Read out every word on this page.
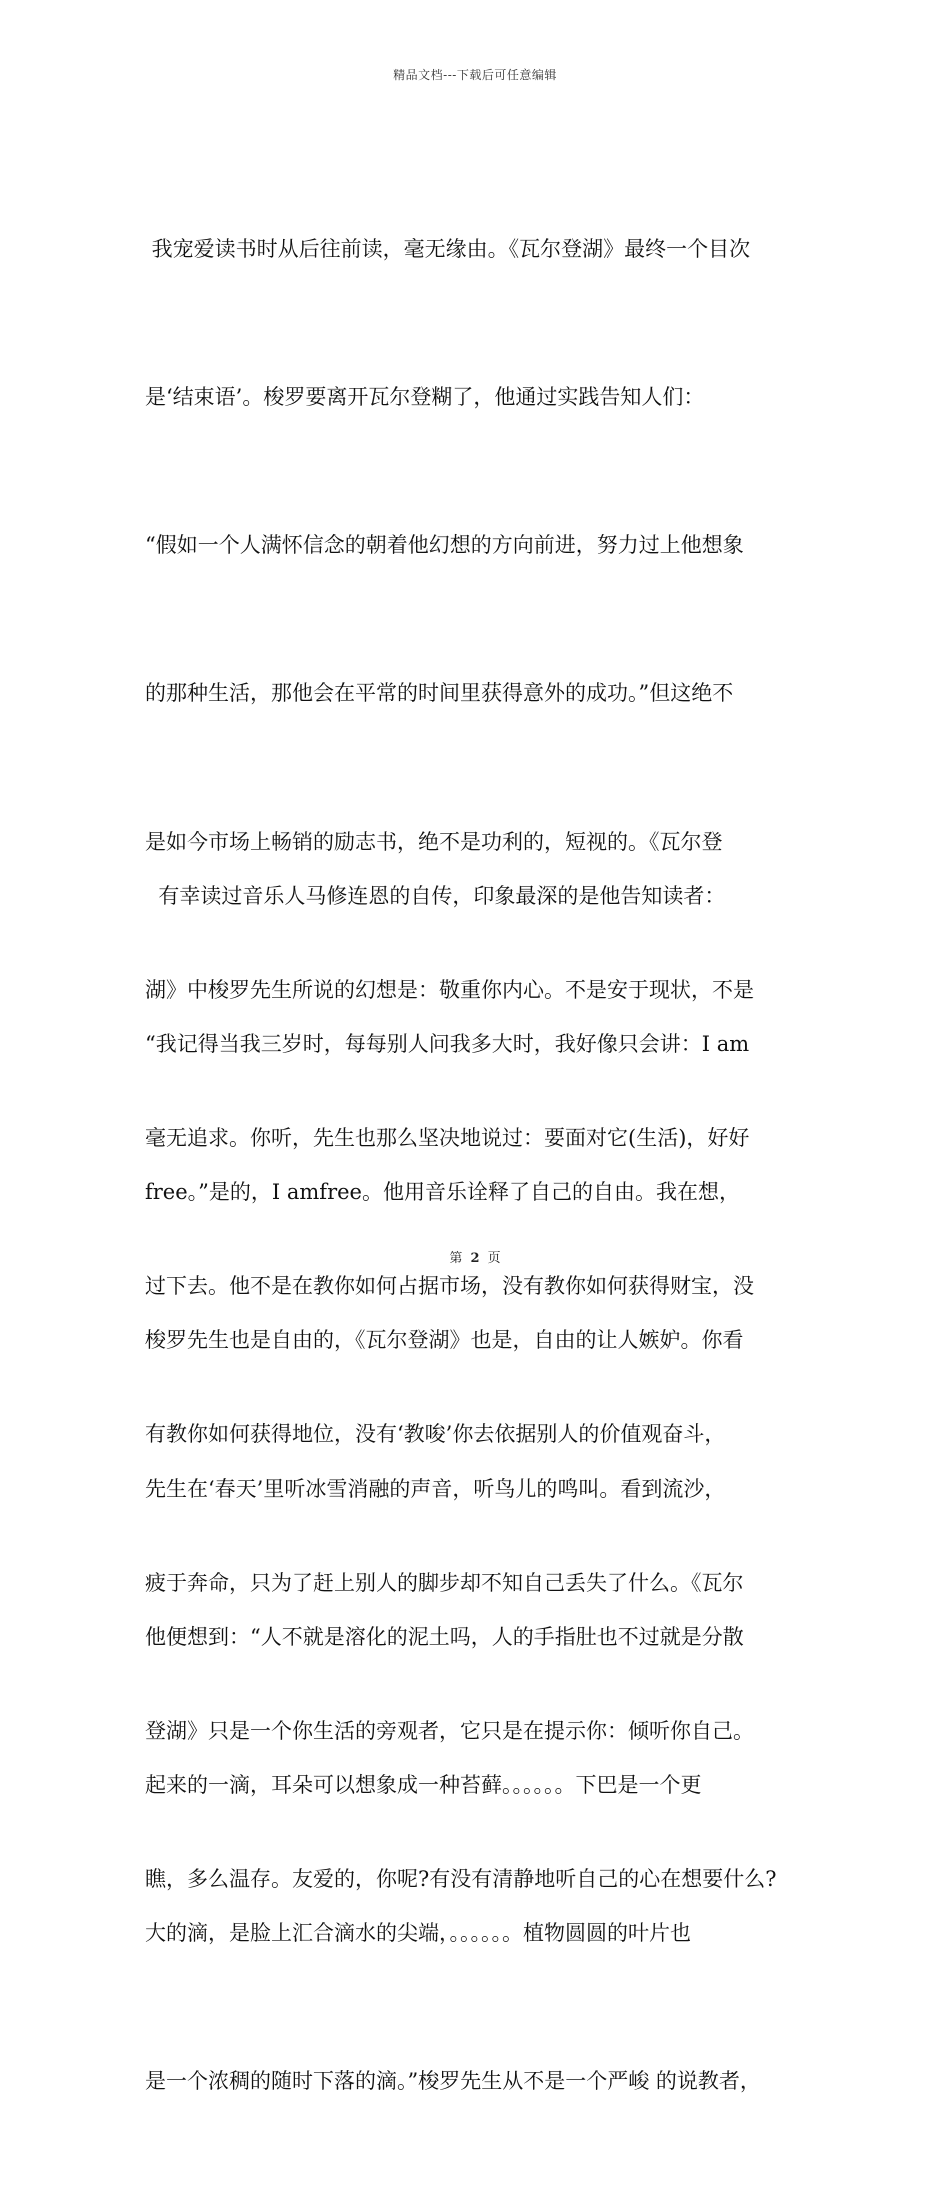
精品文档---下载后可任意编辑

我宠爱读书时从后往前读，毫无缘由。《瓦尔登湖》最终一个目次

是‘结束语’。梭罗要离开瓦尔登糊了，他通过实践告知人们：

“假如一个人满怀信念的朝着他幻想的方向前进，努力过上他想象

的那种生活，那他会在平常的时间里获得意外的成功。”但这绝不

是如今市场上畅销的励志书，绝不是功利的，短视的。《瓦尔登

湖》中梭罗先生所说的幻想是：敬重你内心。不是安于现状，不是

毫无追求。你听，先生也那么坚决地说过：要面对它(生活)，好好

过下去。他不是在教你如何占据市场，没有教你如何获得财宝，没

有教你如何获得地位，没有‘教唆’你去依据别人的价值观奋斗，

疲于奔命，只为了赶上别人的脚步却不知自己丢失了什么。《瓦尔

登湖》只是一个你生活的旁观者，它只是在提示你：倾听你自己。

瞧，多么温存。友爱的，你呢?有没有清静地听自己的心在想要什么?

有幸读过音乐人马修连恩的自传，印象最深的是他告知读者：

“我记得当我三岁时，每每别人问我多大时，我好像只会讲：I am

free。”是的，I amfree。他用音乐诠释了自己的自由。我在想，

梭罗先生也是自由的，《瓦尔登湖》也是，自由的让人嫉妒。你看

先生在‘春天’里听冰雪消融的声音，听鸟儿的鸣叫。看到流沙，

他便想到：“人不就是溶化的泥土吗，人的手指肚也不过就是分散

起来的一滴，耳朵可以想象成一种苔藓。。。。。。下巴是一个更

大的滴，是脸上汇合滴水的尖端，。。。。。。植物圆圆的叶片也

是一个浓稠的随时下落的滴。”梭罗先生从不是一个严峻 的说教者，

第 2 页
